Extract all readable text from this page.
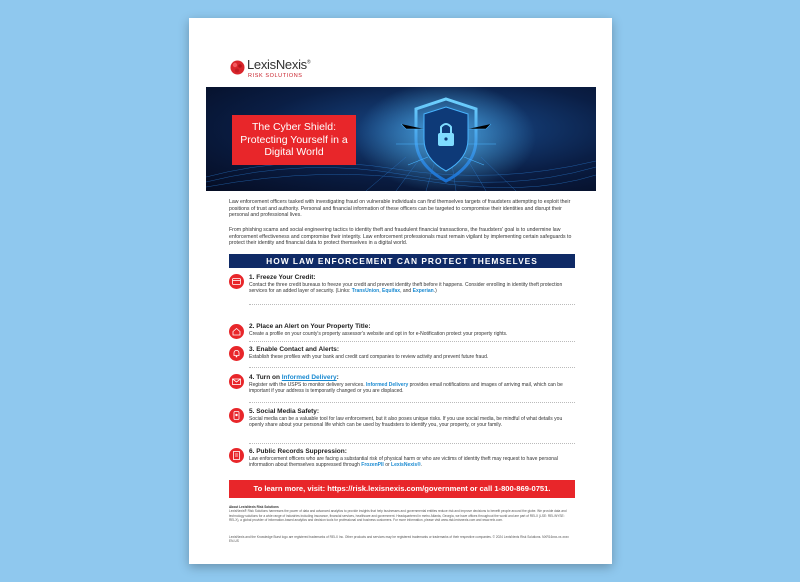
LexisNexis®
RISK SOLUTIONS
The Cyber Shield: Protecting Yourself in a Digital World

Law enforcement officers tasked with investigating fraud on vulnerable individuals can find themselves targets of fraudsters attempting to exploit their positions of trust and authority. Personal and financial information of these officers can be targeted to compromise their identities and disrupt their personal and professional lives.

From phishing scams and social engineering tactics to identity theft and fraudulent financial transactions, the fraudsters' goal is to undermine law enforcement effectiveness and compromise their integrity. Law enforcement professionals must remain vigilant by implementing certain safeguards to protect their identity and financial data to protect themselves in a digital world.

HOW LAW ENFORCEMENT CAN PROTECT THEMSELVES
1. Freeze Your Credit:
Contact the three credit bureaus to freeze your credit and prevent identity theft before it happens. Consider enrolling in identity theft protection services for an added layer of security. (Links: TransUnion, Equifax, and Experian.)
2. Place an Alert on Your Property Title:
Create a profile on your county's property assessor's website and opt in for e-Notification protect your property rights.
3. Enable Contact and Alerts:
Establish these profiles with your bank and credit card companies to review activity and prevent future fraud.
4. Turn on Informed Delivery:
Register with the USPS to monitor delivery services. Informed Delivery provides email notifications and images of arriving mail, which can be important if your address is temporarily changed or you are displaced.
5. Social Media Safety:
Social media can be a valuable tool for law enforcement, but it also poses unique risks. If you use social media, be mindful of what details you openly share about your personal life which can be used by fraudsters to identify you, your property, or your family.
6. Public Records Suppression:
Law enforcement officers who are facing a substantial risk of physical harm or who are victims of identity theft may request to have personal information about themselves suppressed through FrozenPII or LexisNexis®.
To learn more, visit: https://risk.lexisnexis.com/government or call 1-800-869-0751.
About LexisNexis Risk Solutions
LexisNexis® Risk Solutions harnesses the power of data and advanced analytics to provide insights that help businesses and governmental entities reduce risk and improve decisions to benefit people around the globe. We provide data and technology solutions for a wide range of industries including insurance, financial services, healthcare and government. Headquartered in metro Atlanta, Georgia, we have offices throughout the world and are part of RELX (LSE: REL/NYSE: RELX), a global provider of information-based analytics and decision tools for professional and business customers. For more information, please visit www.risk.lexisnexis.com and www.relx.com.
LexisNexis and the Knowledge Burst logo are registered trademarks of RELX Inc. Other products and services may be registered trademarks or trademarks of their respective companies. © 2024 LexisNexis Risk Solutions. NXR16xxx-xx-xxxx EN-US
